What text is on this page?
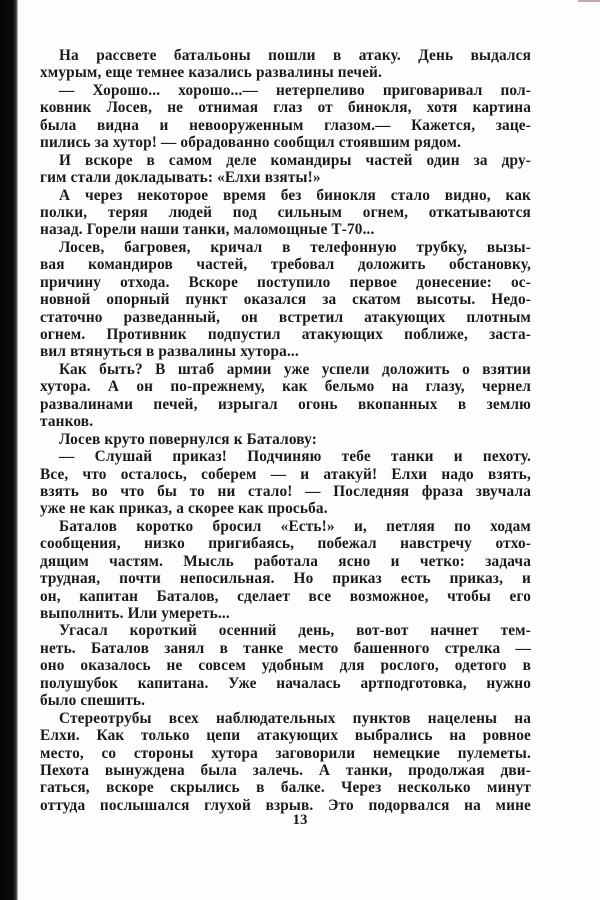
На рассвете батальоны пошли в атаку. День выдался
хмурым, еще темнее казались развалины печей.
— Хорошо... хорошо...— нетерпеливо приговаривал пол-
ковник Лосев, не отнимая глаз от бинокля, хотя картина
была видна и невооруженным глазом.— Кажется, заце-
пились за хутор! — обрадованно сообщил стоявшим рядом.
И вскоре в самом деле командиры частей один за дру-
гим стали докладывать: «Елхи взяты!»
А через некоторое время без бинокля стало видно, как
полки, теряя людей под сильным огнем, откатываются
назад. Горели наши танки, маломощные Т-70...
Лосев, багровея, кричал в телефонную трубку, вызы-
вая командиров частей, требовал доложить обстановку,
причину отхода. Вскоре поступило первое донесение: ос-
новной опорный пункт оказался за скатом высоты. Недо-
статочно разведанный, он встретил атакующих плотным
огнем. Противник подпустил атакующих поближе, заста-
вил втянуться в развалины хутора...
Как быть? В штаб армии уже успели доложить о взятии
хутора. А он по-прежнему, как бельмо на глазу, чернел
развалинами печей, изрыгал огонь вкопанных в землю
танков.
Лосев круто повернулся к Баталову:
— Слушай приказ! Подчиняю тебе танки и пехоту.
Все, что осталось, соберем — и атакуй! Елхи надо взять,
взять во что бы то ни стало! — Последняя фраза звучала
уже не как приказ, а скорее как просьба.
Баталов коротко бросил «Есть!» и, петляя по ходам
сообщения, низко пригибаясь, побежал навстречу отхо-
дящим частям. Мысль работала ясно и четко: задача
трудная, почти непосильная. Но приказ есть приказ, и
он, капитан Баталов, сделает все возможное, чтобы его
выполнить. Или умереть...
Угасал короткий осенний день, вот-вот начнет тем-
неть. Баталов занял в танке место башенного стрелка —
оно оказалось не совсем удобным для рослого, одетого в
полушубок капитана. Уже началась артподготовка, нужно
было спешить.
Стереотрубы всех наблюдательных пунктов нацелены на
Елхи. Как только цепи атакующих выбрались на ровное
место, со стороны хутора заговорили немецкие пулеметы.
Пехота вынуждена была залечь. А танки, продолжая дви-
гаться, вскоре скрылись в балке. Через несколько минут
оттуда послышался глухой взрыв. Это подорвался на мине
13
